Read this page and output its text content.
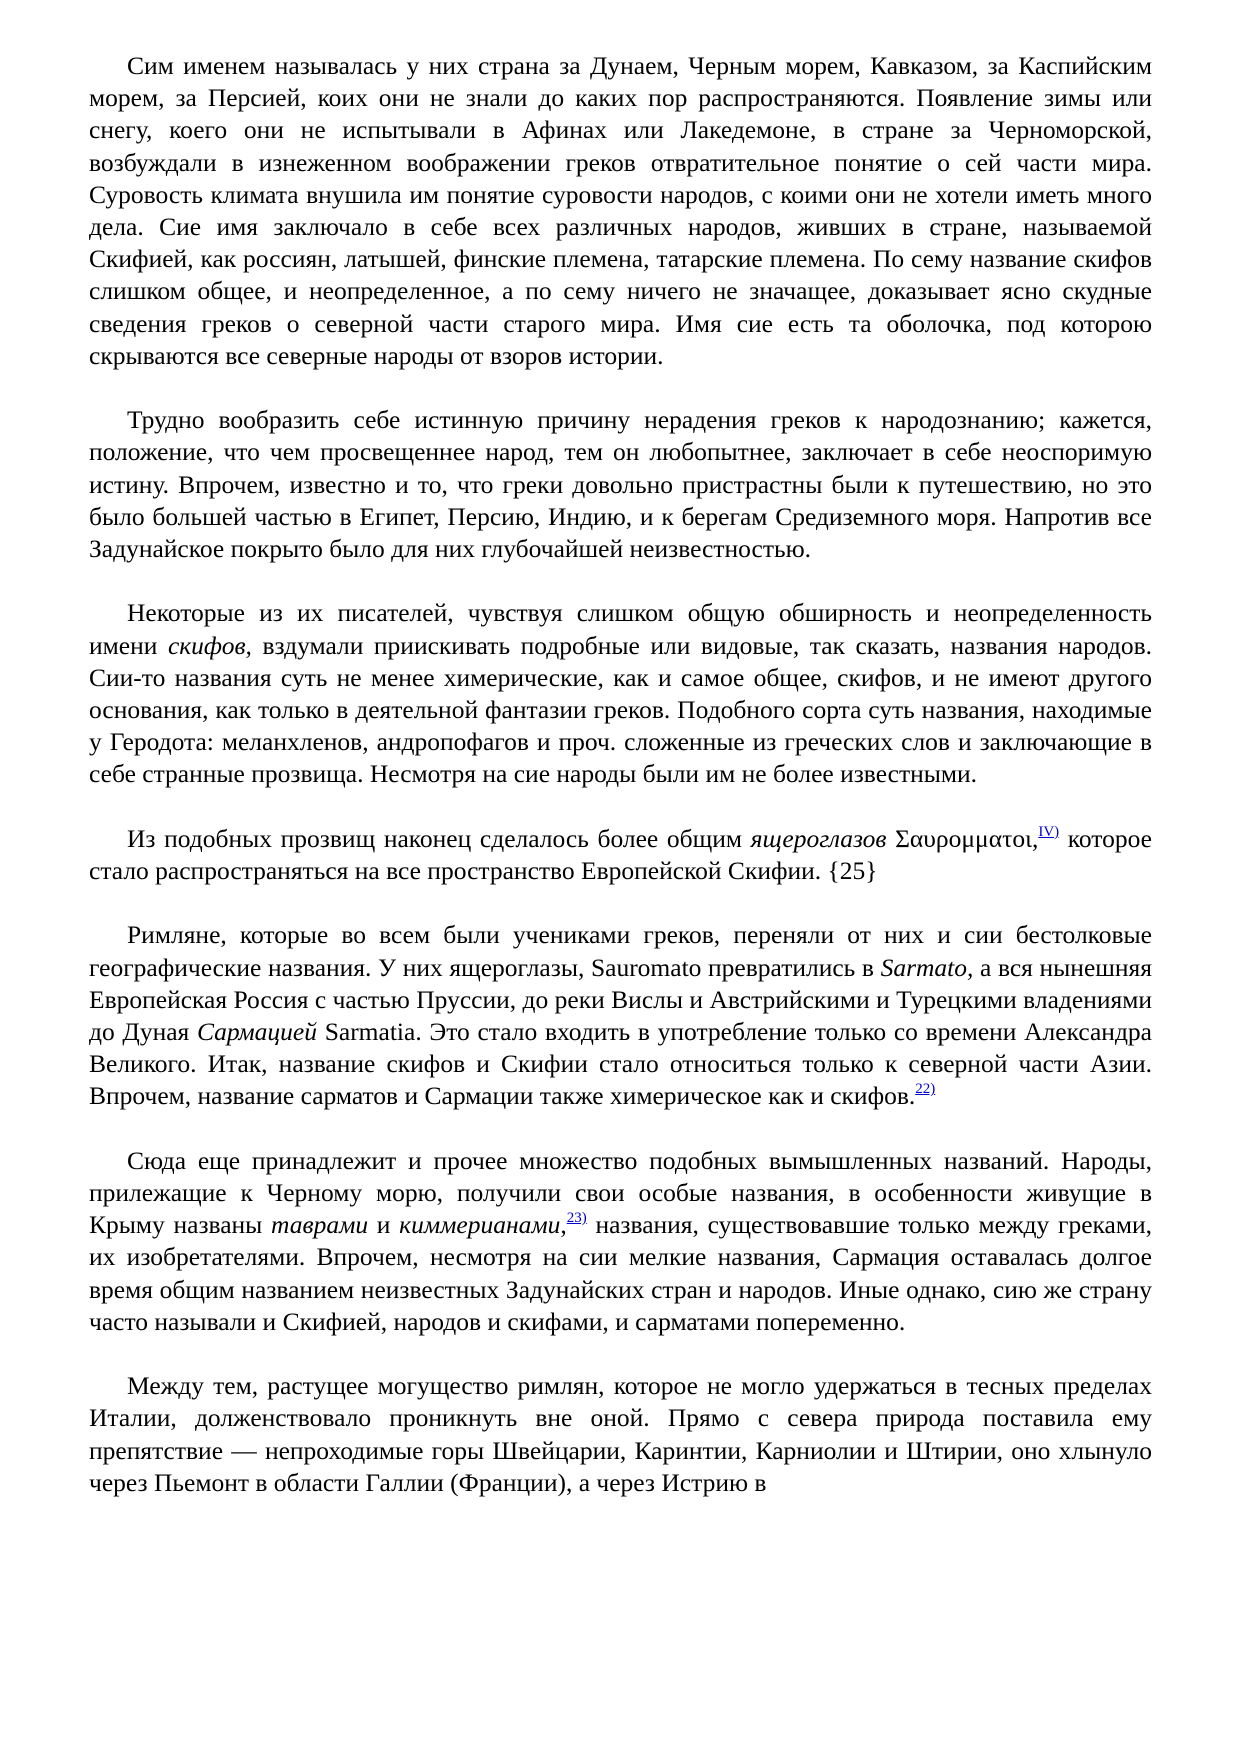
Сим именем называлась у них страна за Дунаем, Черным морем, Кавказом, за Каспийским морем, за Персией, коих они не знали до каких пор распространяются. Появление зимы или снегу, коего они не испытывали в Афинах или Лакедемоне, в стране за Черноморской, возбуждали в изнеженном воображении греков отвратительное понятие о сей части мира. Суровость климата внушила им понятие суровости народов, с коими они не хотели иметь много дела. Сие имя заключало в себе всех различных народов, живших в стране, называемой Скифией, как россиян, латышей, финские племена, татарские племена. По сему название скифов слишком общее, и неопределенное, а по сему ничего не значащее, доказывает ясно скудные сведения греков о северной части старого мира. Имя сие есть та оболочка, под которою скрываются все северные народы от взоров истории.

Трудно вообразить себе истинную причину нерадения греков к народознанию; кажется, положение, что чем просвещеннее народ, тем он любопытнее, заключает в себе неоспоримую истину. Впрочем, известно и то, что греки довольно пристрастны были к путешествию, но это было большей частью в Египет, Персию, Индию, и к берегам Средиземного моря. Напротив все Задунайское покрыто было для них глубочайшей неизвестностью.

Некоторые из их писателей, чувствуя слишком общую обширность и неопределенность имени скифов, вздумали приискивать подробные или видовые, так сказать, названия народов. Сии-то названия суть не менее химерические, как и самое общее, скифов, и не имеют другого основания, как только в деятельной фантазии греков. Подобного сорта суть названия, находимые у Геродота: меланхленов, андропофагов и проч. сложенные из греческих слов и заключающие в себе странные прозвища. Несмотря на сие народы были им не более известными.

Из подобных прозвищ наконец сделалось более общим ящероглазов Σαυρομματοι,$^{IV)}$ которое стало распространяться на все пространство Европейской Скифии. {25}

Римляне, которые во всем были учениками греков, переняли от них и сии бестолковые географические названия. У них ящероглазы, Sauromato превратились в Sarmato, а вся нынешняя Европейская Россия с частью Пруссии, до реки Вислы и Австрийскими и Турецкими владениями до Дуная Сармацией Sarmatia. Это стало входить в употребление только со времени Александра Великого. Итак, название скифов и Скифии стало относиться только к северной части Азии. Впрочем, название сарматов и Сармации также химерическое как и скифов.$^{22)}$

Сюда еще принадлежит и прочее множество подобных вымышленных названий. Народы, прилежащие к Черному морю, получили свои особые названия, в особенности живущие в Крыму названы таврами и киммерианами,$^{23)}$ названия, существовавшие только между греками, их изобретателями. Впрочем, несмотря на сии мелкие названия, Сармация оставалась долгое время общим названием неизвестных Задунайских стран и народов. Иные однако, сию же страну часто называли и Скифией, народов и скифами, и сарматами попеременно.

Между тем, растущее могущество римлян, которое не могло удержаться в тесных пределах Италии, долженствовало проникнуть вне оной. Прямо с севера природа поставила ему препятствие — непроходимые горы Швейцарии, Каринтии, Карниолии и Штирии, оно хлынуло через Пьемонт в области Галлии (Франции), а через Истрию в
